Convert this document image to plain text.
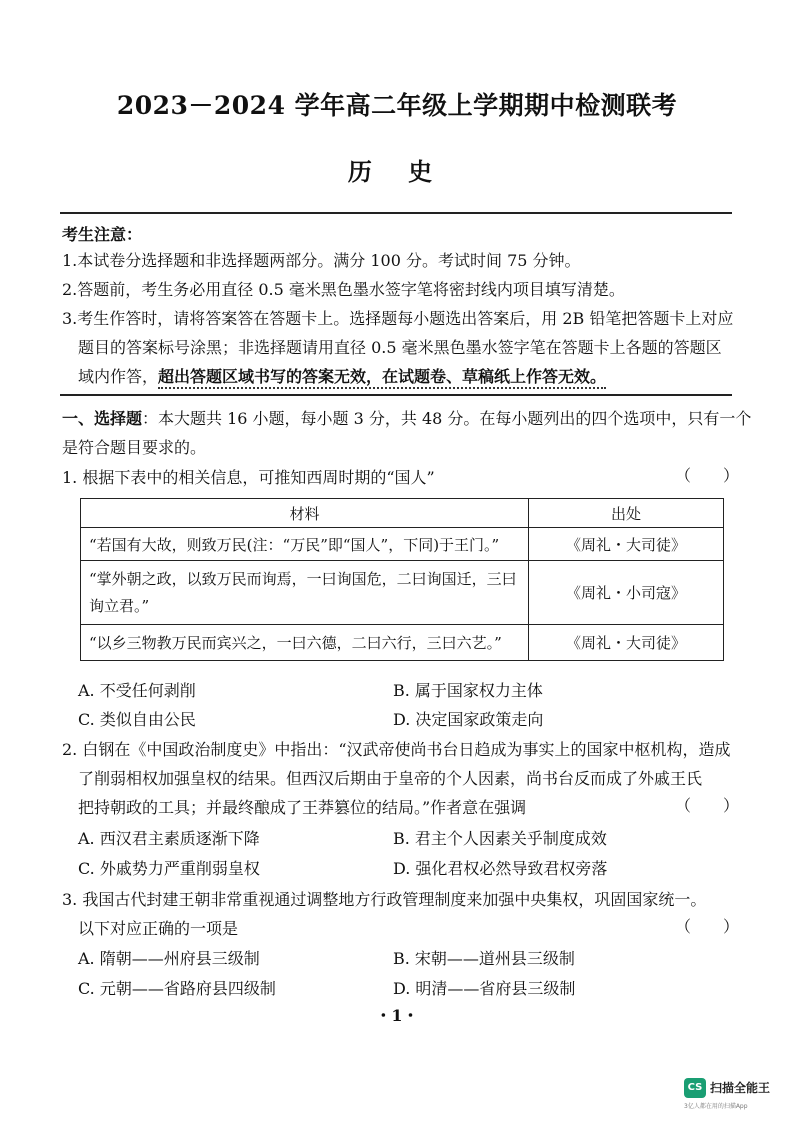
2023－2024 学年高二年级上学期期中检测联考
历 史
考生注意：
1.本试卷分选择题和非选择题两部分。满分 100 分。考试时间 75 分钟。
2.答题前，考生务必用直径 0.5 毫米黑色墨水签字笔将密封线内项目填写清楚。
3.考生作答时，请将答案答在答题卡上。选择题每小题选出答案后，用 2B 铅笔把答题卡上对应
题目的答案标号涂黑；非选择题请用直径 0.5 毫米黑色墨水签字笔在答题卡上各题的答题区
域内作答，超出答题区域书写的答案无效，在试题卷、草稿纸上作答无效。
一、选择题：本大题共 16 小题，每小题 3 分，共 48 分。在每小题列出的四个选项中，只有一个
是符合题目要求的。
1. 根据下表中的相关信息，可推知西周时期的“国人”	（　　）
材料	出处
“若国有大故，则致万民(注：“万民”即“国人”，下同)于王门。”	《周礼・大司徒》
“掌外朝之政，以致万民而询焉，一曰询国危，二曰询国迁，三曰询立君。”	《周礼・小司寇》
“以乡三物教万民而宾兴之，一曰六德，二曰六行，三曰六艺。”	《周礼・大司徒》
A. 不受任何剥削	B. 属于国家权力主体
C. 类似自由公民	D. 决定国家政策走向
2. 白钢在《中国政治制度史》中指出：“汉武帝使尚书台日趋成为事实上的国家中枢机构，造成
了削弱相权加强皇权的结果。但西汉后期由于皇帝的个人因素，尚书台反而成了外戚王氏
把持朝政的工具；并最终酿成了王莽篡位的结局。”作者意在强调	（　　）
A. 西汉君主素质逐渐下降	B. 君主个人因素关乎制度成效
C. 外戚势力严重削弱皇权	D. 强化君权必然导致君权旁落
3. 我国古代封建王朝非常重视通过调整地方行政管理制度来加强中央集权，巩固国家统一。
以下对应正确的一项是	（　　）
A. 隋朝——州府县三级制	B. 宋朝——道州县三级制
C. 元朝——省路府县四级制	D. 明清——省府县三级制
・1・
CS 扫描全能王
3亿人都在用的扫描App
